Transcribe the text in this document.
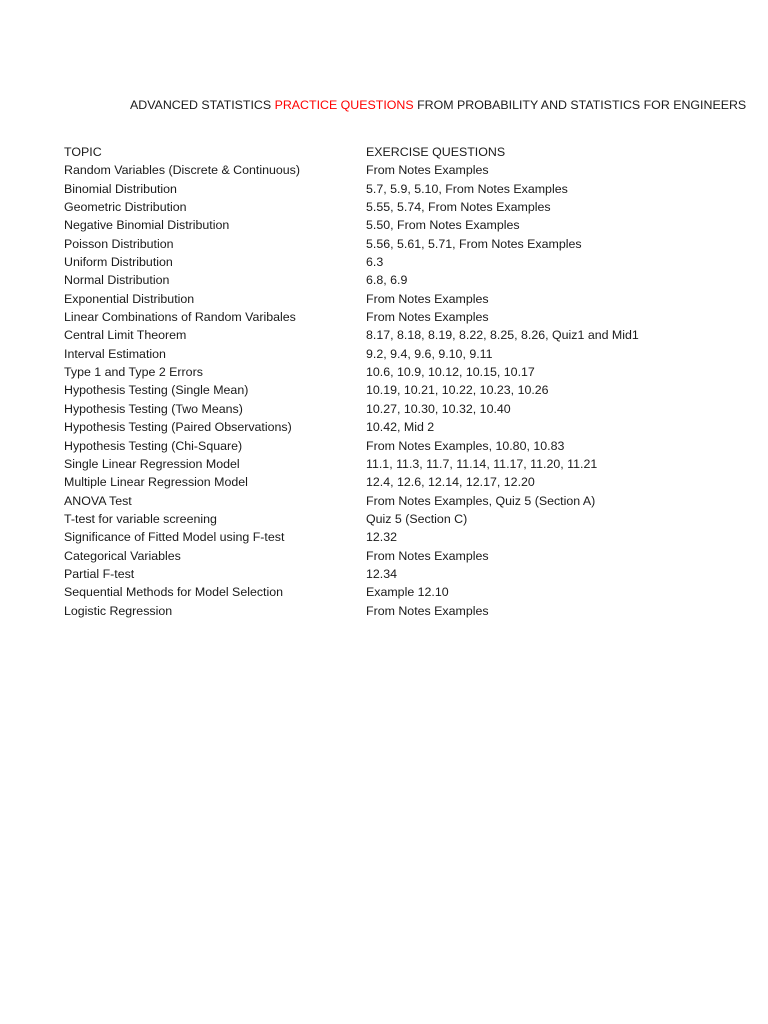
ADVANCED STATISTICS PRACTICE QUESTIONS FROM PROBABILITY AND STATISTICS FOR ENGINEERS
TOPIC	EXERCISE QUESTIONS
Random Variables (Discrete & Continuous)	From Notes Examples
Binomial Distribution	5.7, 5.9, 5.10, From Notes Examples
Geometric Distribution	5.55, 5.74, From Notes Examples
Negative Binomial Distribution	5.50, From Notes Examples
Poisson Distribution	5.56, 5.61, 5.71, From Notes Examples
Uniform Distribution	6.3
Normal Distribution	6.8, 6.9
Exponential Distribution	From Notes Examples
Linear Combinations of Random Varibales	From Notes Examples
Central Limit Theorem	8.17, 8.18, 8.19, 8.22, 8.25, 8.26, Quiz1 and Mid1
Interval Estimation	9.2, 9.4, 9.6, 9.10, 9.11
Type 1 and Type 2 Errors	10.6, 10.9, 10.12, 10.15, 10.17
Hypothesis Testing (Single Mean)	10.19, 10.21, 10.22, 10.23, 10.26
Hypothesis Testing (Two Means)	10.27, 10.30, 10.32, 10.40
Hypothesis Testing (Paired Observations)	10.42, Mid 2
Hypothesis Testing (Chi-Square)	From Notes Examples, 10.80, 10.83
Single Linear Regression Model	11.1, 11.3, 11.7, 11.14, 11.17, 11.20, 11.21
Multiple Linear Regression Model	12.4, 12.6, 12.14, 12.17, 12.20
ANOVA Test	From Notes Examples, Quiz 5 (Section A)
T-test for variable screening	Quiz 5 (Section C)
Significance of Fitted Model using F-test	12.32
Categorical Variables	From Notes Examples
Partial F-test	12.34
Sequential Methods for Model Selection	Example 12.10
Logistic Regression	From Notes Examples
